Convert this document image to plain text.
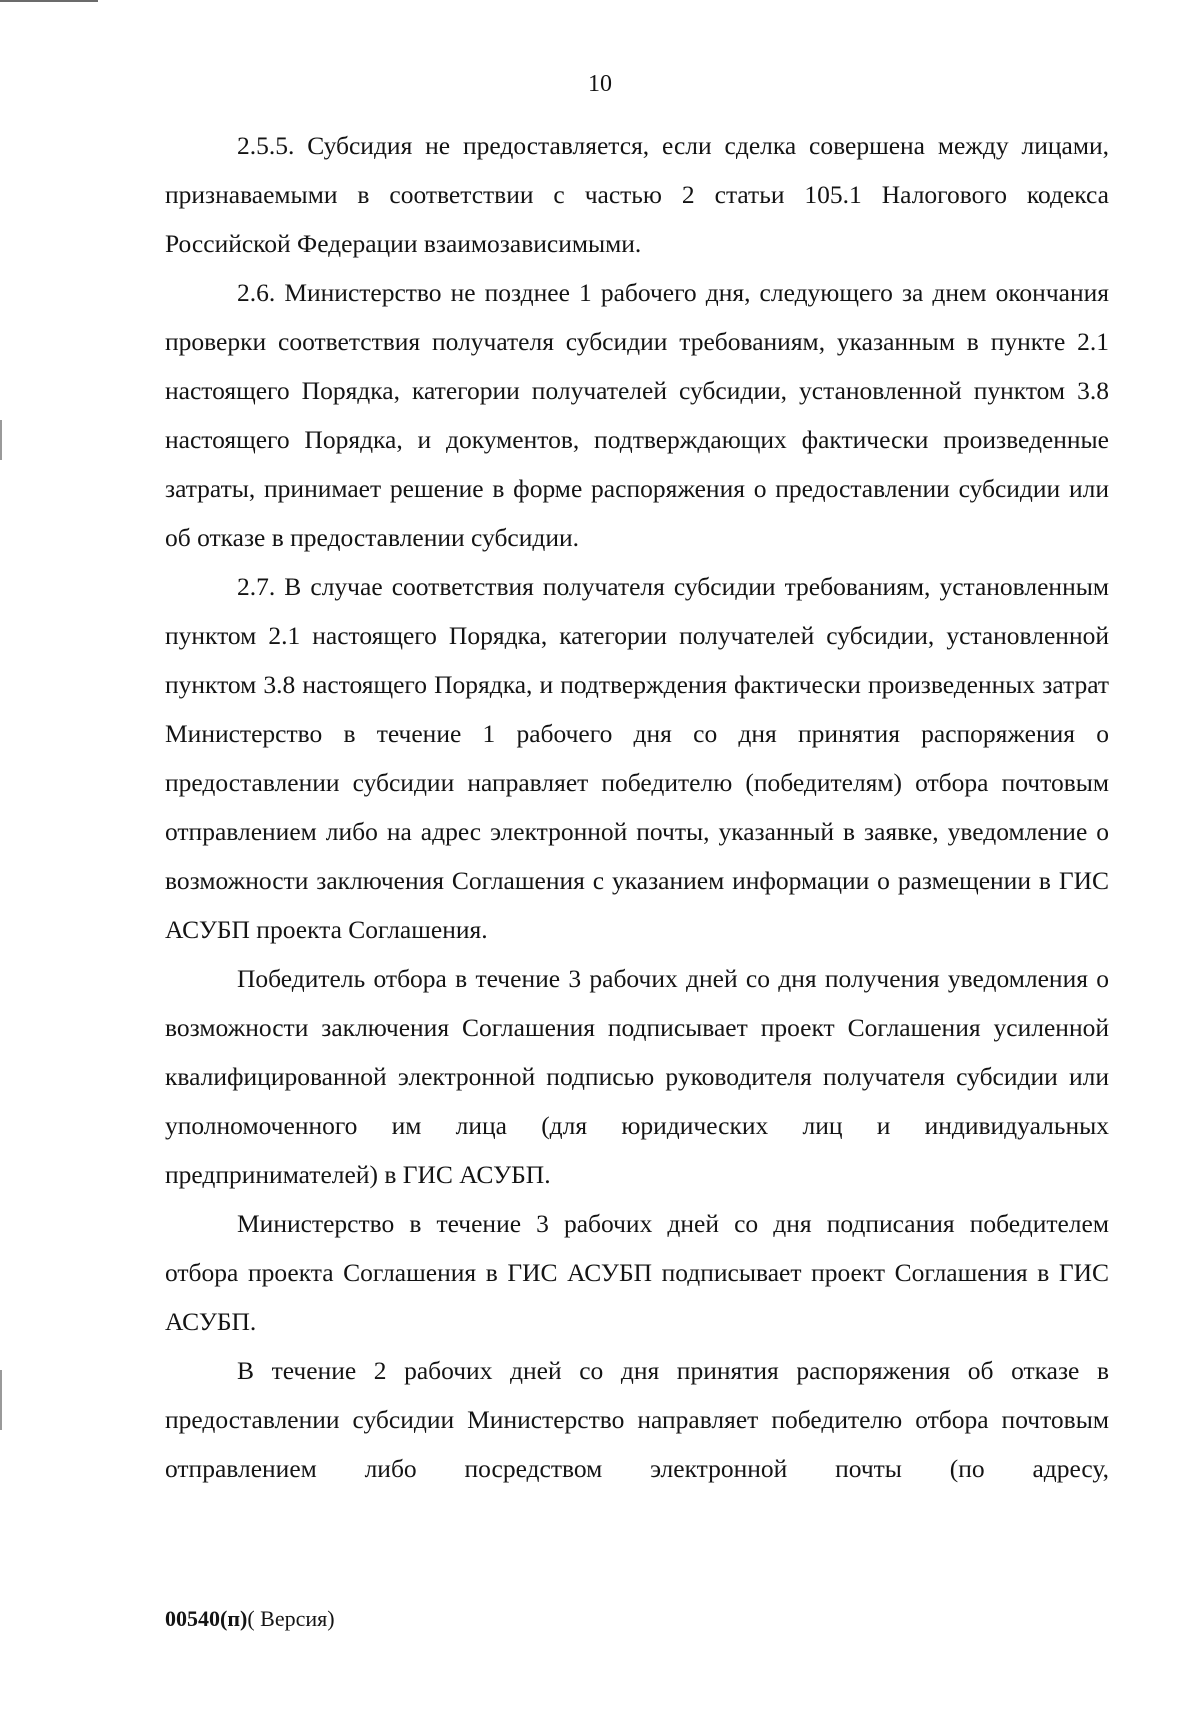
10

2.5.5. Субсидия не предоставляется, если сделка совершена между лицами, признаваемыми в соответствии с частью 2 статьи 105.1 Налогового кодекса Российской Федерации взаимозависимыми.

2.6. Министерство не позднее 1 рабочего дня, следующего за днем окончания проверки соответствия получателя субсидии требованиям, указанным в пункте 2.1 настоящего Порядка, категории получателей субсидии, установленной пунктом 3.8 настоящего Порядка, и документов, подтверждающих фактически произведенные затраты, принимает решение в форме распоряжения о предоставлении субсидии или об отказе в предоставлении субсидии.

2.7. В случае соответствия получателя субсидии требованиям, установленным пунктом 2.1 настоящего Порядка, категории получателей субсидии, установленной пунктом 3.8 настоящего Порядка, и подтверждения фактически произведенных затрат Министерство в течение 1 рабочего дня со дня принятия распоряжения о предоставлении субсидии направляет победителю (победителям) отбора почтовым отправлением либо на адрес электронной почты, указанный в заявке, уведомление о возможности заключения Соглашения с указанием информации о размещении в ГИС АСУБП проекта Соглашения.

Победитель отбора в течение 3 рабочих дней со дня получения уведомления о возможности заключения Соглашения подписывает проект Соглашения усиленной квалифицированной электронной подписью руководителя получателя субсидии или уполномоченного им лица (для юридических лиц и индивидуальных предпринимателей) в ГИС АСУБП.

Министерство в течение 3 рабочих дней со дня подписания победителем отбора проекта Соглашения в ГИС АСУБП подписывает проект Соглашения в ГИС АСУБП.

В течение 2 рабочих дней со дня принятия распоряжения об отказе в предоставлении субсидии Министерство направляет победителю отбора почтовым отправлением либо посредством электронной почты (по адресу,

00540(п)( Версия)
